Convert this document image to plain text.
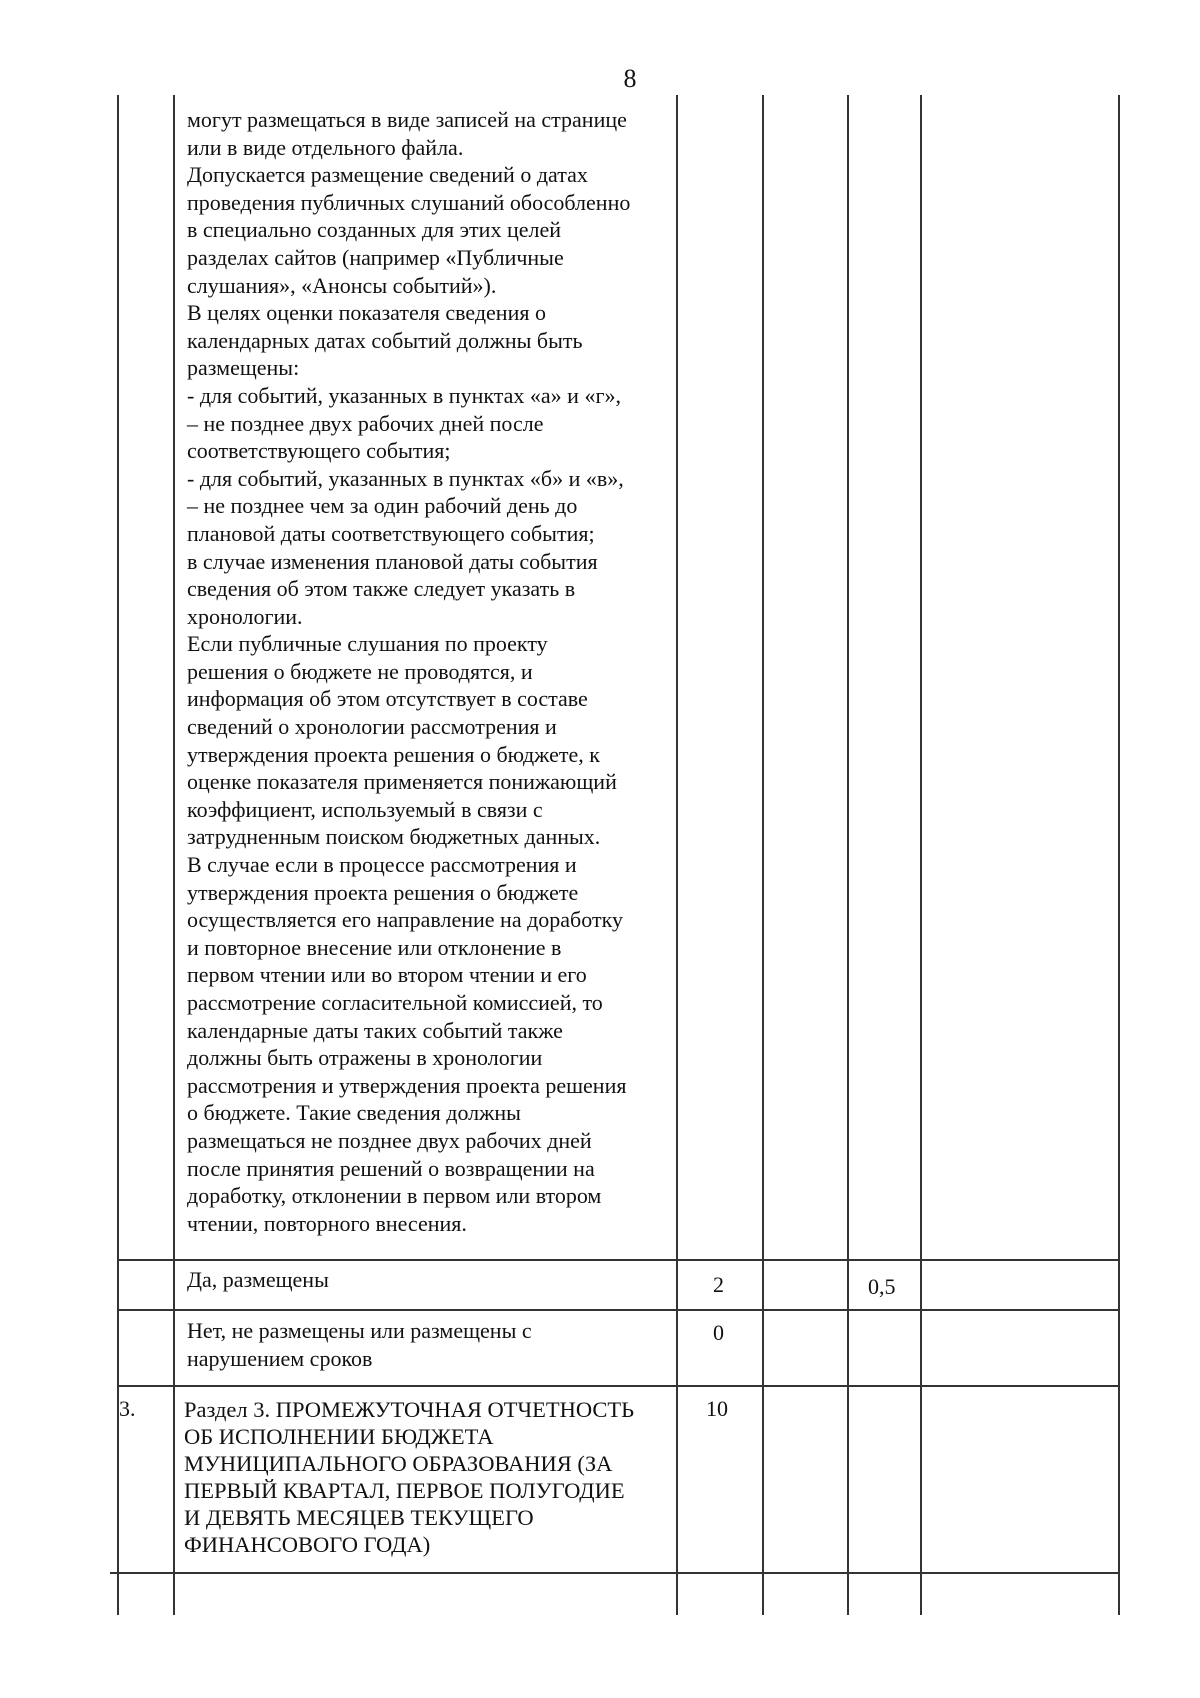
8
могут размещаться в виде записей на странице
или в виде отдельного файла.
Допускается размещение сведений о датах
проведения публичных слушаний обособленно
в специально созданных для этих целей
разделах сайтов (например «Публичные
слушания», «Анонсы событий»).
В целях оценки показателя сведения о
календарных датах событий должны быть
размещены:
- для событий, указанных в пунктах «а» и «г»,
– не позднее двух рабочих дней после
соответствующего события;
- для событий, указанных в пунктах «б» и «в»,
– не позднее чем за один рабочий день до
плановой даты соответствующего события;
в случае изменения плановой даты события
сведения об этом также следует указать в
хронологии.
Если публичные слушания по проекту
решения о бюджете не проводятся, и
информация об этом отсутствует в составе
сведений о хронологии рассмотрения и
утверждения проекта решения о бюджете, к
оценке показателя применяется понижающий
коэффициент, используемый в связи с
затрудненным поиском бюджетных данных.
В случае если в процессе рассмотрения и
утверждения проекта решения о бюджете
осуществляется его направление на доработку
и повторное внесение или отклонение в
первом чтении или во втором чтении и его
рассмотрение согласительной комиссией, то
календарные даты таких событий также
должны быть отражены в хронологии
рассмотрения и утверждения проекта решения
о бюджете. Такие сведения должны
размещаться не позднее двух рабочих дней
после принятия решений о возвращении на
доработку, отклонении в первом или втором
чтении, повторного внесения.
Да, размещены	2	0,5
Нет, не размещены или размещены с
нарушением сроков
0
3. Раздел 3. ПРОМЕЖУТОЧНАЯ ОТЧЕТНОСТЬ
ОБ ИСПОЛНЕНИИ БЮДЖЕТА
МУНИЦИПАЛЬНОГО ОБРАЗОВАНИЯ (ЗА
ПЕРВЫЙ КВАРТАЛ, ПЕРВОЕ ПОЛУГОДИЕ
И ДЕВЯТЬ МЕСЯЦЕВ ТЕКУЩЕГО
ФИНАНСОВОГО ГОДА)
10
